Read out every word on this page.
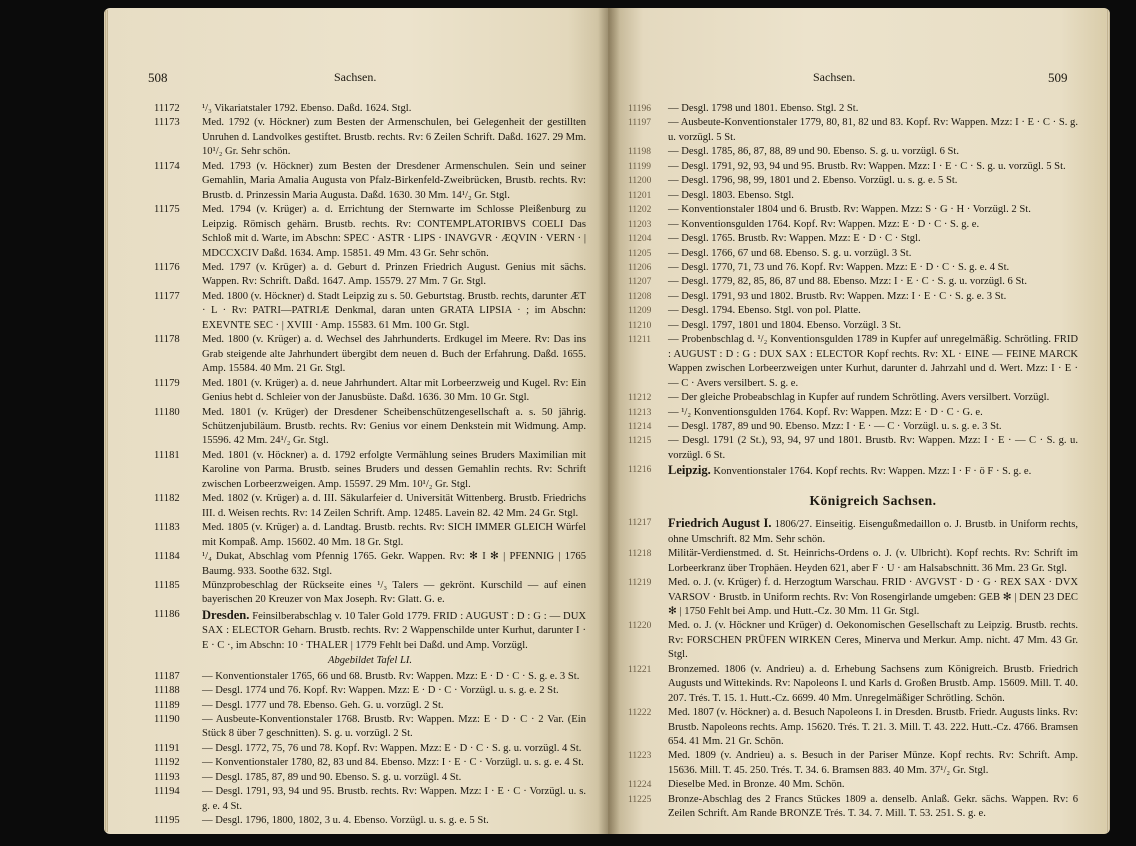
508	Sachsen.

11172 ¹/₃ Vikariatstaler 1792. Ebenso. Daßd. 1624. Stgl.

11173 Med. 1792 (v. Höckner) zum Besten der Armenschulen, bei Gelegenheit der gestillten Unruhen d. Landvolkes gestiftet. Brustb. rechts. Rv: 6 Zeilen Schrift. Daßd. 1627. 29 Mm. 10¹/₂ Gr. Sehr schön.

11174 Med. 1793 (v. Höckner) zum Besten der Dresdener Armenschulen. Sein und seiner Gemahlin, Maria Amalia Augusta von Pfalz-Birkenfeld-Zweibrücken, Brustb. rechts. Rv: Brustb. d. Prinzessin Maria Augusta. Daßd. 1630. 30 Mm. 14¹/₂ Gr. Stgl.

11175 Med. 1794 (v. Krüger) a. d. Errichtung der Sternwarte im Schlosse Pleißenburg zu Leipzig. Römisch gehärn. Brustb. rechts. Rv: CONTEMPLATORIBVS COELI Das Schloß mit d. Warte, im Abschn: SPEC · ASTR · LIPS · INAVGVR · ÆQVIN · VERN · | MDCCXCIV Daßd. 1634. Amp. 15851. 49 Mm. 43 Gr. Sehr schön.

11176 Med. 1797 (v. Krüger) a. d. Geburt d. Prinzen Friedrich August. Genius mit sächs. Wappen. Rv: Schrift. Daßd. 1647. Amp. 15579. 27 Mm. 7 Gr. Stgl.

11177 Med. 1800 (v. Höckner) d. Stadt Leipzig zu s. 50. Geburtstag. Brustb. rechts, darunter ÆT · L · Rv: PATRI—PATRIÆ Denkmal, daran unten GRATA LIPSIA · ; im Abschn: EXEVNTE SEC · | XVIII · Amp. 15583. 61 Mm. 100 Gr. Stgl.

11178 Med. 1800 (v. Krüger) a. d. Wechsel des Jahrhunderts. Erdkugel im Meere. Rv: Das ins Grab steigende alte Jahrhundert übergibt dem neuen d. Buch der Erfahrung. Daßd. 1655. Amp. 15584. 40 Mm. 21 Gr. Stgl.

11179 Med. 1801 (v. Krüger) a. d. neue Jahrhundert. Altar mit Lorbeerzweig und Kugel. Rv: Ein Genius hebt d. Schleier von der Janusbüste. Daßd. 1636. 30 Mm. 10 Gr. Stgl.

11180 Med. 1801 (v. Krüger) der Dresdener Scheibenschützengesellschaft a. s. 50 jährig. Schützenjubiläum. Brustb. rechts. Rv: Genius vor einem Denkstein mit Widmung. Amp. 15596. 42 Mm. 24¹/₂ Gr. Stgl.

11181 Med. 1801 (v. Höckner) a. d. 1792 erfolgte Vermählung seines Bruders Maximilian mit Karoline von Parma. Brustb. seines Bruders und dessen Gemahlin rechts. Rv: Schrift zwischen Lorbeerzweigen. Amp. 15597. 29 Mm. 10¹/₂ Gr. Stgl.

11182 Med. 1802 (v. Krüger) a. d. III. Säkularfeier d. Universität Wittenberg. Brustb. Friedrichs III. d. Weisen rechts. Rv: 14 Zeilen Schrift. Amp. 12485. Lavein 82. 42 Mm. 24 Gr. Stgl.

11183 Med. 1805 (v. Krüger) a. d. Landtag. Brustb. rechts. Rv: SICH IMMER GLEICH Würfel mit Kompaß. Amp. 15602. 40 Mm. 18 Gr. Stgl.

11184 ¹/₄ Dukat, Abschlag vom Pfennig 1765. Gekr. Wappen. Rv: ✻ I ✻ | PFENNIG | 1765 Baumg. 933. Soothe 632. Stgl.

11185 Münzprobeschlag der Rückseite eines ¹/₃ Talers — gekrönt. Kurschild — auf einen bayerischen 20 Kreuzer von Max Joseph. Rv: Glatt. G. e.

11186 Dresden. Feinsilberabschlag v. 10 Taler Gold 1779. FRID : AUGUST : D : G : — DUX SAX : ELECTOR Geharn. Brustb. rechts. Rv: 2 Wappenschilde unter Kurhut, darunter I · E · C ·, im Abschn: 10 · THALER | 1779 Fehlt bei Daßd. und Amp. Vorzügl.

Abgebildet Tafel LI.

11187 — Konventionstaler 1765, 66 und 68. Brustb. Rv: Wappen. Mzz: E · D · C · S. g. e. 3 St.

11188 — Desgl. 1774 und 76. Kopf. Rv: Wappen. Mzz: E · D · C · Vorzügl. u. s. g. e. 2 St.

11189 — Desgl. 1777 und 78. Ebenso. Geh. G. u. vorzügl. 2 St.

11190 — Ausbeute-Konventionstaler 1768. Brustb. Rv: Wappen. Mzz: E · D · C · 2 Var. (Ein Stück 8 über 7 geschnitten). S. g. u. vorzügl. 2 St.

11191 — Desgl. 1772, 75, 76 und 78. Kopf. Rv: Wappen. Mzz: E · D · C · S. g. u. vorzügl. 4 St.

11192 — Konventionstaler 1780, 82, 83 und 84. Ebenso. Mzz: I · E · C · Vorzügl. u. s. g. e. 4 St.

11193 — Desgl. 1785, 87, 89 und 90. Ebenso. S. g. u. vorzügl. 4 St.

11194 — Desgl. 1791, 93, 94 und 95. Brustb. rechts. Rv: Wappen. Mzz: I · E · C · Vorzügl. u. s. g. e. 4 St.

11195 — Desgl. 1796, 1800, 1802, 3 u. 4. Ebenso. Vorzügl. u. s. g. e. 5 St.

Sachsen.	509

11196 — Desgl. 1798 und 1801. Ebenso. Stgl. 2 St.

11197 — Ausbeute-Konventionstaler 1779, 80, 81, 82 und 83. Kopf. Rv: Wappen. Mzz: I · E · C · S. g. u. vorzügl. 5 St.

11198 — Desgl. 1785, 86, 87, 88, 89 und 90. Ebenso. S. g. u. vorzügl. 6 St.

11199 — Desgl. 1791, 92, 93, 94 und 95. Brustb. Rv: Wappen. Mzz: I · E · C · S. g. u. vorzügl. 5 St.

11200 — Desgl. 1796, 98, 99, 1801 und 2. Ebenso. Vorzügl. u. s. g. e. 5 St.

11201 — Desgl. 1803. Ebenso. Stgl.

11202 — Konventionstaler 1804 und 6. Brustb. Rv: Wappen. Mzz: S · G · H · Vorzügl. 2 St.

11203 — Konventionsgulden 1764. Kopf. Rv: Wappen. Mzz: E · D · C · S. g. e.

11204 — Desgl. 1765. Brustb. Rv: Wappen. Mzz: E · D · C · Stgl.

11205 — Desgl. 1766, 67 und 68. Ebenso. S. g. u. vorzügl. 3 St.

11206 — Desgl. 1770, 71, 73 und 76. Kopf. Rv: Wappen. Mzz: E · D · C · S. g. e. 4 St.

11207 — Desgl. 1779, 82, 85, 86, 87 und 88. Ebenso. Mzz: I · E · C · S. g. u. vorzügl. 6 St.

11208 — Desgl. 1791, 93 und 1802. Brustb. Rv: Wappen. Mzz: I · E · C · S. g. e. 3 St.

11209 — Desgl. 1794. Ebenso. Stgl. von pol. Platte.

11210 — Desgl. 1797, 1801 und 1804. Ebenso. Vorzügl. 3 St.

11211 — Probenbschlag d. ¹/₂ Konventionsgulden 1789 in Kupfer auf unregelmäßig. Schrötling. FRID : AUGUST : D : G : DUX SAX : ELECTOR Kopf rechts. Rv: XL · EINE — FEINE MARCK Wappen zwischen Lorbeerzweigen unter Kurhut, darunter d. Jahrzahl und d. Wert. Mzz: I · E · — C · Avers versilbert. S. g. e.

11212 — Der gleiche Probeabschlag in Kupfer auf rundem Schrötling. Avers versilbert. Vorzügl.

11213 — ¹/₂ Konventionsgulden 1764. Kopf. Rv: Wappen. Mzz: E · D · C · G. e.

11214 — Desgl. 1787, 89 und 90. Ebenso. Mzz: I · E · — C · Vorzügl. u. s. g. e. 3 St.

11215 — Desgl. 1791 (2 St.), 93, 94, 97 und 1801. Brustb. Rv: Wappen. Mzz: I · E · — C · S. g. u. vorzügl. 6 St.

11216 Leipzig. Konventionstaler 1764. Kopf rechts. Rv: Wappen. Mzz: I · F · ö F · S. g. e.

Königreich Sachsen.

11217 Friedrich August I. 1806/27. Einseitig. Eisengußmedaillon o. J. Brustb. in Uniform rechts, ohne Umschrift. 82 Mm. Sehr schön.

11218 Militär-Verdienstmed. d. St. Heinrichs-Ordens o. J. (v. Ulbricht). Kopf rechts. Rv: Schrift im Lorbeerkranz über Trophäen. Heyden 621, aber F · U · am Halsabschnitt. 36 Mm. 23 Gr. Stgl.

11219 Med. o. J. (v. Krüger) f. d. Herzogtum Warschau. FRID · AVGVST · D · G · REX SAX · DVX VARSOV · Brustb. in Uniform rechts. Rv: Von Rosengirlande umgeben: GEB ✻ | DEN 23 DEC ✻ | 1750 Fehlt bei Amp. und Hutt.-Cz. 30 Mm. 11 Gr. Stgl.

11220 Med. o. J. (v. Höckner und Krüger) d. Oekonomischen Gesellschaft zu Leipzig. Brustb. rechts. Rv: FORSCHEN PRÜFEN WIRKEN Ceres, Minerva und Merkur. Amp. nicht. 47 Mm. 43 Gr. Stgl.

11221 Bronzemed. 1806 (v. Andrieu) a. d. Erhebung Sachsens zum Königreich. Brustb. Friedrich Augusts und Wittekinds. Rv: Napoleons I. und Karls d. Großen Brustb. Amp. 15609. Mill. T. 40. 207. Trés. T. 15. 1. Hutt.-Cz. 6699. 40 Mm. Unregelmäßiger Schrötling. Schön.

11222 Med. 1807 (v. Höckner) a. d. Besuch Napoleons I. in Dresden. Brustb. Friedr. Augusts links. Rv: Brustb. Napoleons rechts. Amp. 15620. Trés. T. 21. 3. Mill. T. 43. 222. Hutt.-Cz. 4766. Bramsen 654. 41 Mm. 21 Gr. Schön.

11223 Med. 1809 (v. Andrieu) a. s. Besuch in der Pariser Münze. Kopf rechts. Rv: Schrift. Amp. 15636. Mill. T. 45. 250. Trés. T. 34. 6. Bramsen 883. 40 Mm. 37¹/₂ Gr. Stgl.

11224 Dieselbe Med. in Bronze. 40 Mm. Schön.

11225 Bronze-Abschlag des 2 Francs Stückes 1809 a. denselb. Anlaß. Gekr. sächs. Wappen. Rv: 6 Zeilen Schrift. Am Rande BRONZE Trés. T. 34. 7. Mill. T. 53. 251. S. g. e.
